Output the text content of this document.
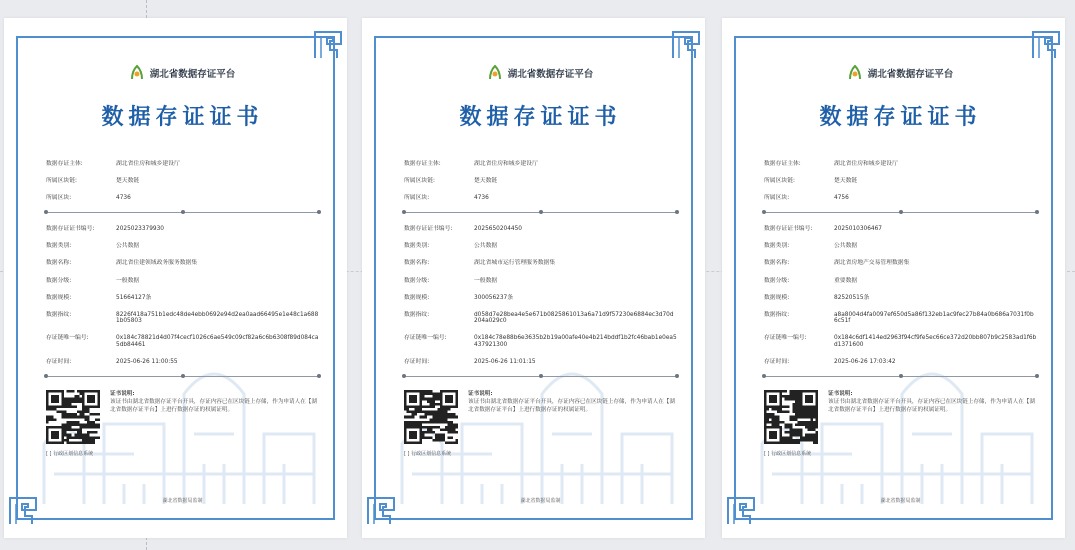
湖北省数据存证平台
数据存证证书
数据存证主体:	湖北省住房和城乡建设厅
所属区块链:	楚天数链
所属区块:	4736
数据存证证书编号:	2025023379930
数据类别:	公共数据
数据名称:	湖北省住建领域政务服务数据集
数据分级:	一般数据
数据规模:	51664127条
数据指纹:	8226f418a751b1edc48de4ebb0692e94d2ea0aad66495e1e48c1a6881b05803
存证链唯一编号:	0x184c78821d4d07f4cecf1026c6ae549c09cf82a6c6b6308f89d084ca5db84461
存证时间:	2025-06-26 11:00:55
证书说明:
该证书由湖北省数据存证平台开具，存证内容已在区块链上存储，作为申请人在【湖北省数据存证平台】上进行数据存证的权属证明。
[ ] 行政区划信息系统
湖北省数据局监制
湖北省数据存证平台
数据存证证书
数据存证主体:	湖北省住房和城乡建设厅
所属区块链:	楚天数链
所属区块:	4736
数据存证证书编号:	2025650204450
数据类别:	公共数据
数据名称:	湖北省城市运行管理服务数据集
数据分级:	一般数据
数据规模:	300056237条
数据指纹:	d058d7e28bea4e5e671b0825861013a6a71d9f57230e6884ec3d70d204a029c0
存证链唯一编号:	0x184c78e88b6e3635b2b19a00afe40e4b214bddf1b2fc46bab1e0ea5437921300
存证时间:	2025-06-26 11:01:15
证书说明:
该证书由湖北省数据存证平台开具，存证内容已在区块链上存储，作为申请人在【湖北省数据存证平台】上进行数据存证的权属证明。
[ ] 行政区划信息系统
湖北省数据局监制
湖北省数据存证平台
数据存证证书
数据存证主体:	湖北省住房和城乡建设厅
所属区块链:	楚天数链
所属区块:	4756
数据存证证书编号:	2025010306467
数据类别:	公共数据
数据名称:	湖北省房地产交易管理数据集
数据分级:	重要数据
数据规模:	82520515条
数据指纹:	a8a8004d4fa0097ef650d5a86f132eb1ac9fec27b84a0b686a7031f0b6c51f
存证链唯一编号:	0x184c6df1414ed2963f94cf9fe5ec66ce372d20bb807b9c2583ad1f6bd1371600
存证时间:	2025-06-26 17:03:42
证书说明:
该证书由湖北省数据存证平台开具，存证内容已在区块链上存储，作为申请人在【湖北省数据存证平台】上进行数据存证的权属证明。
[ ] 行政区划信息系统
湖北省数据局监制
